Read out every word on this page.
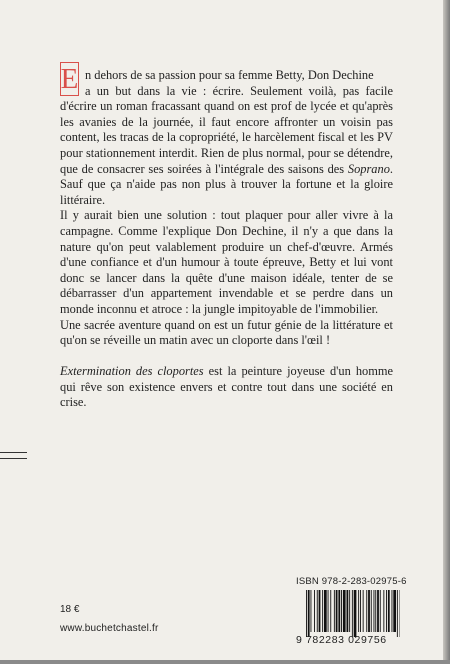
E n dehors de sa passion pour sa femme Betty, Don Dechine
a un but dans la vie : écrire. Seulement voilà, pas facile d'écrire un roman fracassant quand on est prof de lycée et qu'après les avanies de la journée, il faut encore affronter un voisin pas content, les tracas de la copropriété, le harcèlement fiscal et les PV pour stationnement interdit. Rien de plus normal, pour se détendre, que de consacrer ses soirées à l'intégrale des saisons des Soprano. Sauf que ça n'aide pas non plus à trouver la fortune et la gloire littéraire.

Il y aurait bien une solution : tout plaquer pour aller vivre à la campagne. Comme l'explique Don Dechine, il n'y a que dans la nature qu'on peut valablement produire un chef-d'œuvre. Armés d'une confiance et d'un humour à toute épreuve, Betty et lui vont donc se lancer dans la quête d'une maison idéale, tenter de se débarrasser d'un appartement invendable et se perdre dans un monde inconnu et atroce : la jungle impitoyable de l'immobilier.

Une sacrée aventure quand on est un futur génie de la littérature et qu'on se réveille un matin avec un cloporte dans l'œil !

Extermination des cloportes est la peinture joyeuse d'un homme qui rêve son existence envers et contre tout dans une société en crise.

ISBN 978-2-283-02975-6
9 782283 029756
18 €
www.buchetchastel.fr
